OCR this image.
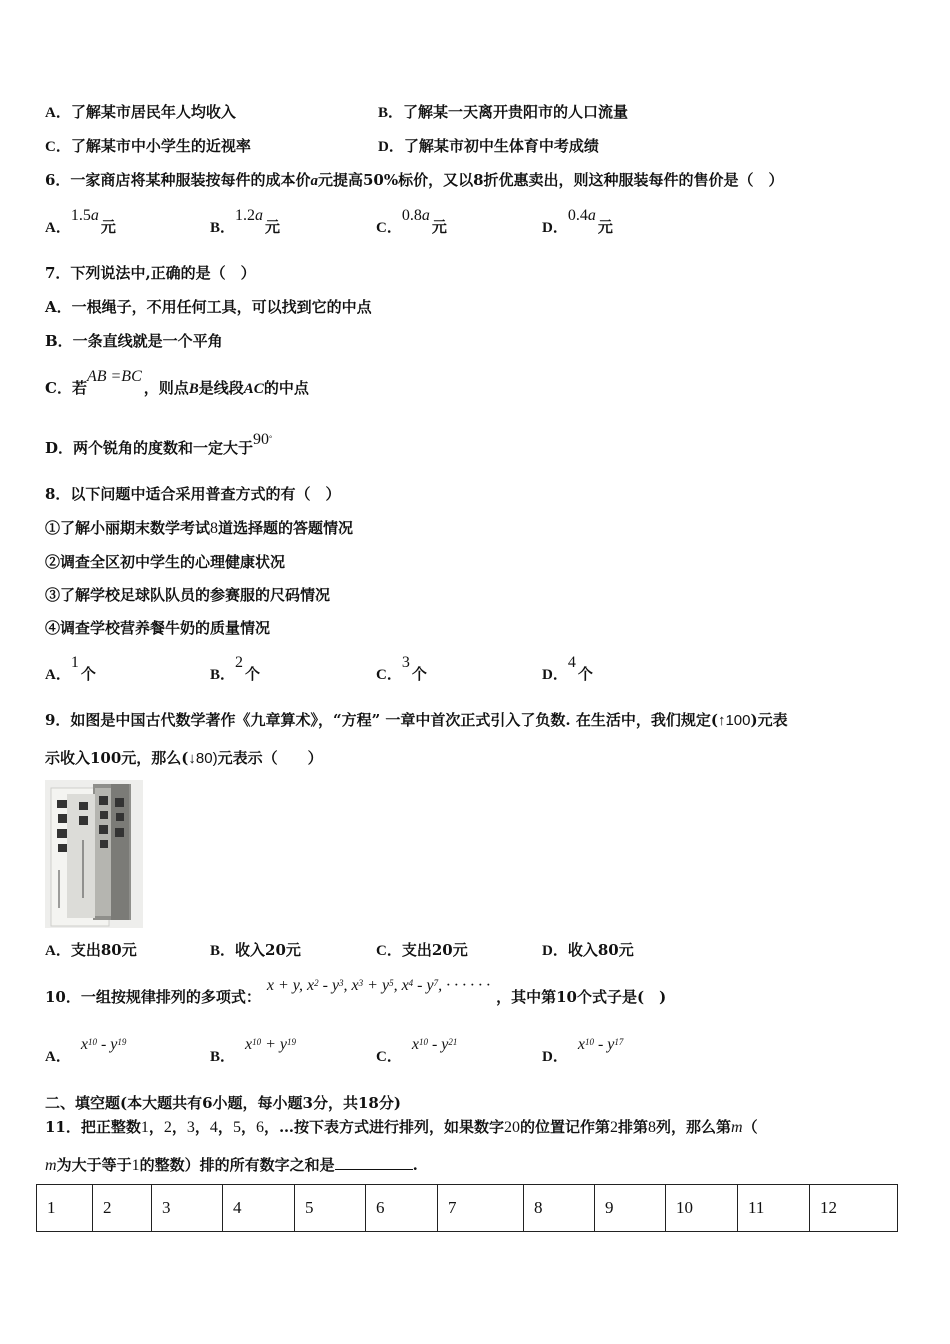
A．了解某市居民年人均收入	B．了解某一天离开贵阳市的人口流量
C．了解某市中小学生的近视率	D．了解某市初中生体育中考成绩
6．一家商店将某种服装按每件的成本价a元提高50%标价，又以8折优惠卖出，则这种服装每件的售价是（　）
A．1.5a元	B．1.2a元	C．0.8a元	D．0.4a元
7．下列说法中,正确的是（　）
A．一根绳子，不用任何工具，可以找到它的中点
B．一条直线就是一个平角
C．若AB =BC，则点B是线段AC的中点
D．两个锐角的度数和一定大于90°
8．以下问题中适合采用普查方式的有（　）
①了解小丽期末数学考试8道选择题的答题情况
②调查全区初中学生的心理健康状况
③了解学校足球队队员的参赛服的尺码情况
④调查学校营养餐牛奶的质量情况
A．1个	B．2个	C．3个	D．4个
9．如图是中国古代数学著作《九章算术》，“方程” 一章中首次正式引入了负数. 在生活中，我们规定(↑100)元表
示收入100元，那么(↓80)元表示（　　）
A．支出80元	B．收入20元	C．支出20元	D．收入80元
10．一组按规律排列的多项式：x + y, $x^2 - y^3$, $x^3 + y^5$, $x^4 - y^7$, · · · · · ·，其中第10个式子是(　)
A．$x^{10} - y^{19}$
B．$x^{10} + y^{19}$
C．$x^{10} - y^{21}$
D．$x^{10} - y^{17}$
二、填空题(本大题共有6小题，每小题3分，共18分)
11．把正整数1，2，3，4，5，6，…按下表方式进行排列，如果数字20的位置记作第2排第8列，那么第m（
m为大于等于1的整数）排的所有数字之和是	.
1	2	3	4	5	6	7	8	9	10	11	12
